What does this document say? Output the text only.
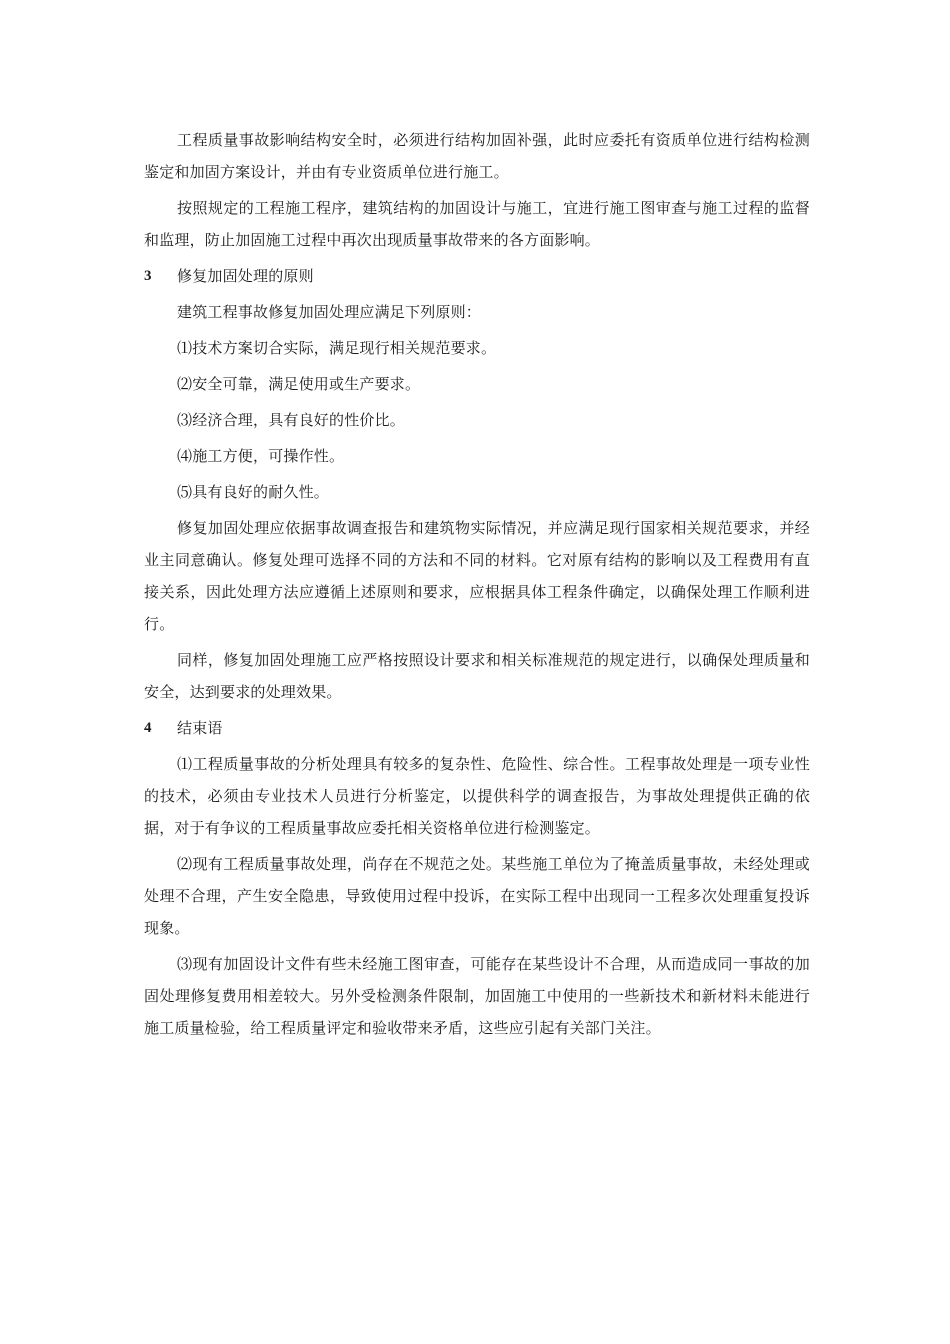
工程质量事故影响结构安全时，必须进行结构加固补强，此时应委托有资质单位进行结构检测鉴定和加固方案设计，并由有专业资质单位进行施工。

按照规定的工程施工程序，建筑结构的加固设计与施工，宜进行施工图审查与施工过程的监督和监理，防止加固施工过程中再次出现质量事故带来的各方面影响。

3	修复加固处理的原则

建筑工程事故修复加固处理应满足下列原则：

⑴技术方案切合实际，满足现行相关规范要求。

⑵安全可靠，满足使用或生产要求。

⑶经济合理，具有良好的性价比。

⑷施工方便，可操作性。

⑸具有良好的耐久性。

修复加固处理应依据事故调查报告和建筑物实际情况，并应满足现行国家相关规范要求，并经业主同意确认。修复处理可选择不同的方法和不同的材料。它对原有结构的影响以及工程费用有直接关系，因此处理方法应遵循上述原则和要求，应根据具体工程条件确定，以确保处理工作顺利进行。

同样，修复加固处理施工应严格按照设计要求和相关标准规范的规定进行，以确保处理质量和安全，达到要求的处理效果。

4	结束语

⑴工程质量事故的分析处理具有较多的复杂性、危险性、综合性。工程事故处理是一项专业性的技术，必须由专业技术人员进行分析鉴定，以提供科学的调查报告，为事故处理提供正确的依据，对于有争议的工程质量事故应委托相关资格单位进行检测鉴定。

⑵现有工程质量事故处理，尚存在不规范之处。某些施工单位为了掩盖质量事故，未经处理或处理不合理，产生安全隐患，导致使用过程中投诉，在实际工程中出现同一工程多次处理重复投诉现象。

⑶现有加固设计文件有些未经施工图审查，可能存在某些设计不合理，从而造成同一事故的加固处理修复费用相差较大。另外受检测条件限制，加固施工中使用的一些新技术和新材料未能进行施工质量检验，给工程质量评定和验收带来矛盾，这些应引起有关部门关注。
